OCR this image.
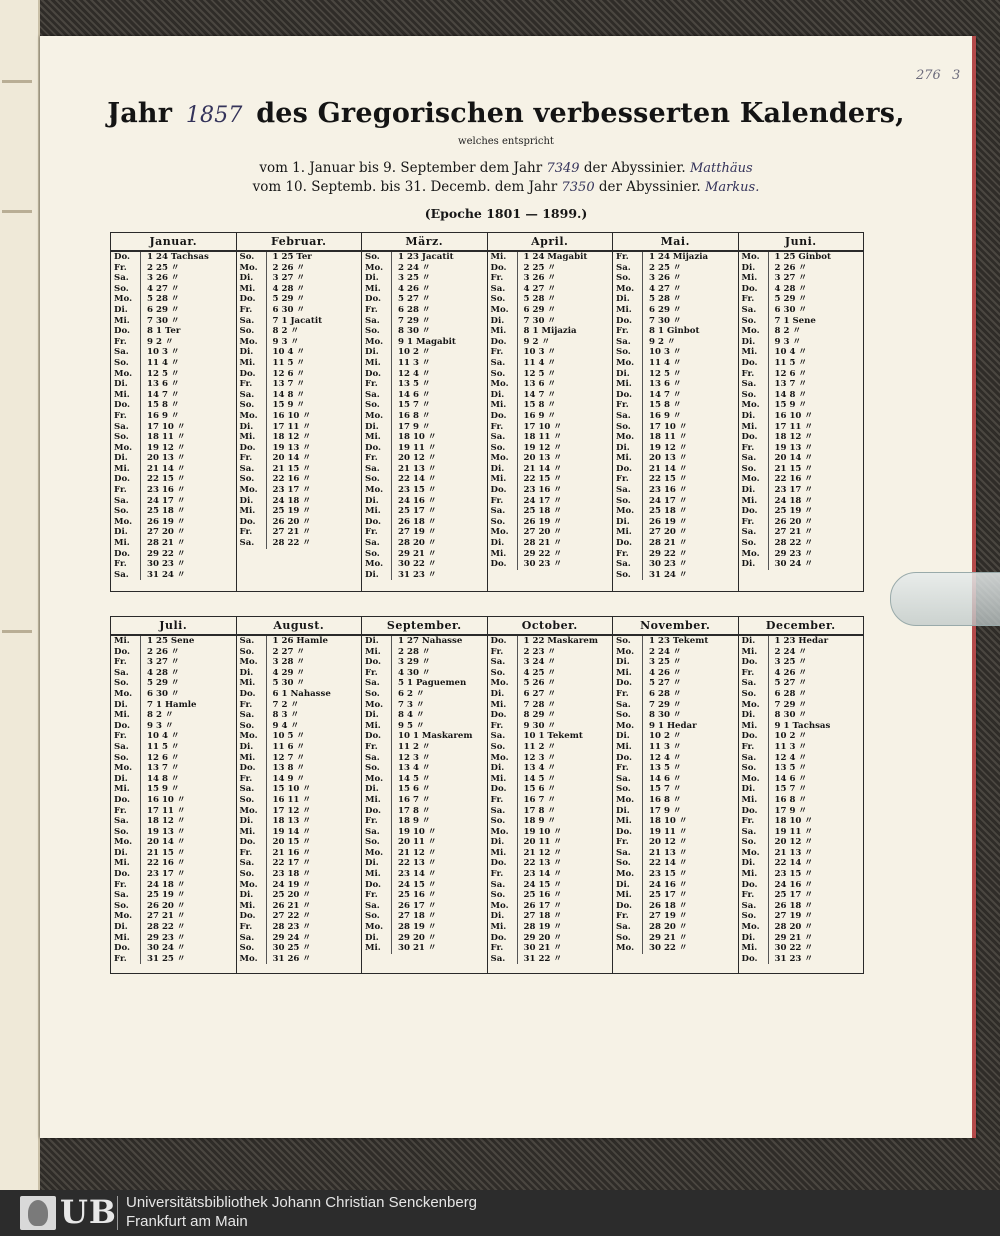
276 3
Jahr 1857 des Gregorischen verbesserten Kalenders,
welches entspricht
vom 1. Januar bis 9. September dem Jahr 7349 der Abyssinier. Matthäus
vom 10. Septemb. bis 31. Decemb. dem Jahr 7350 der Abyssinier. Markus.
(Epoche 1801 — 1899.)
Januar.
Do.	1 24 Tachsas
Fr.	2 25 〃
Sa.	3 26 〃
So.	4 27 〃
Mo.	5 28 〃
Di.	6 29 〃
Mi.	7 30 〃
Do.	8 1 Ter
Fr.	9 2 〃
Sa.	10 3 〃
So.	11 4 〃
Mo.	12 5 〃
Di.	13 6 〃
Mi.	14 7 〃
Do.	15 8 〃
Fr.	16 9 〃
Sa.	17 10 〃
So.	18 11 〃
Mo.	19 12 〃
Di.	20 13 〃
Mi.	21 14 〃
Do.	22 15 〃
Fr.	23 16 〃
Sa.	24 17 〃
So.	25 18 〃
Mo.	26 19 〃
Di.	27 20 〃
Mi.	28 21 〃
Do.	29 22 〃
Fr.	30 23 〃
Sa.	31 24 〃
Februar.
So.	1 25 Ter
Mo.	2 26 〃
Di.	3 27 〃
Mi.	4 28 〃
Do.	5 29 〃
Fr.	6 30 〃
Sa.	7 1 Jacatit
So.	8 2 〃
Mo.	9 3 〃
Di.	10 4 〃
Mi.	11 5 〃
Do.	12 6 〃
Fr.	13 7 〃
Sa.	14 8 〃
So.	15 9 〃
Mo.	16 10 〃
Di.	17 11 〃
Mi.	18 12 〃
Do.	19 13 〃
Fr.	20 14 〃
Sa.	21 15 〃
So.	22 16 〃
Mo.	23 17 〃
Di.	24 18 〃
Mi.	25 19 〃
Do.	26 20 〃
Fr.	27 21 〃
Sa.	28 22 〃
März.
So.	1 23 Jacatit
Mo.	2 24 〃
Di.	3 25 〃
Mi.	4 26 〃
Do.	5 27 〃
Fr.	6 28 〃
Sa.	7 29 〃
So.	8 30 〃
Mo.	9 1 Magabit
Di.	10 2 〃
Mi.	11 3 〃
Do.	12 4 〃
Fr.	13 5 〃
Sa.	14 6 〃
So.	15 7 〃
Mo.	16 8 〃
Di.	17 9 〃
Mi.	18 10 〃
Do.	19 11 〃
Fr.	20 12 〃
Sa.	21 13 〃
So.	22 14 〃
Mo.	23 15 〃
Di.	24 16 〃
Mi.	25 17 〃
Do.	26 18 〃
Fr.	27 19 〃
Sa.	28 20 〃
So.	29 21 〃
Mo.	30 22 〃
Di.	31 23 〃
April.
Mi.	1 24 Magabit
Do.	2 25 〃
Fr.	3 26 〃
Sa.	4 27 〃
So.	5 28 〃
Mo.	6 29 〃
Di.	7 30 〃
Mi.	8 1 Mijazia
Do.	9 2 〃
Fr.	10 3 〃
Sa.	11 4 〃
So.	12 5 〃
Mo.	13 6 〃
Di.	14 7 〃
Mi.	15 8 〃
Do.	16 9 〃
Fr.	17 10 〃
Sa.	18 11 〃
So.	19 12 〃
Mo.	20 13 〃
Di.	21 14 〃
Mi.	22 15 〃
Do.	23 16 〃
Fr.	24 17 〃
Sa.	25 18 〃
So.	26 19 〃
Mo.	27 20 〃
Di.	28 21 〃
Mi.	29 22 〃
Do.	30 23 〃
Mai.
Fr.	1 24 Mijazia
Sa.	2 25 〃
So.	3 26 〃
Mo.	4 27 〃
Di.	5 28 〃
Mi.	6 29 〃
Do.	7 30 〃
Fr.	8 1 Ginbot
Sa.	9 2 〃
So.	10 3 〃
Mo.	11 4 〃
Di.	12 5 〃
Mi.	13 6 〃
Do.	14 7 〃
Fr.	15 8 〃
Sa.	16 9 〃
So.	17 10 〃
Mo.	18 11 〃
Di.	19 12 〃
Mi.	20 13 〃
Do.	21 14 〃
Fr.	22 15 〃
Sa.	23 16 〃
So.	24 17 〃
Mo.	25 18 〃
Di.	26 19 〃
Mi.	27 20 〃
Do.	28 21 〃
Fr.	29 22 〃
Sa.	30 23 〃
So.	31 24 〃
Juni.
Mo.	1 25 Ginbot
Di.	2 26 〃
Mi.	3 27 〃
Do.	4 28 〃
Fr.	5 29 〃
Sa.	6 30 〃
So.	7 1 Sene
Mo.	8 2 〃
Di.	9 3 〃
Mi.	10 4 〃
Do.	11 5 〃
Fr.	12 6 〃
Sa.	13 7 〃
So.	14 8 〃
Mo.	15 9 〃
Di.	16 10 〃
Mi.	17 11 〃
Do.	18 12 〃
Fr.	19 13 〃
Sa.	20 14 〃
So.	21 15 〃
Mo.	22 16 〃
Di.	23 17 〃
Mi.	24 18 〃
Do.	25 19 〃
Fr.	26 20 〃
Sa.	27 21 〃
So.	28 22 〃
Mo.	29 23 〃
Di.	30 24 〃
Juli.
Mi.	1 25 Sene
Do.	2 26 〃
Fr.	3 27 〃
Sa.	4 28 〃
So.	5 29 〃
Mo.	6 30 〃
Di.	7 1 Hamle
Mi.	8 2 〃
Do.	9 3 〃
Fr.	10 4 〃
Sa.	11 5 〃
So.	12 6 〃
Mo.	13 7 〃
Di.	14 8 〃
Mi.	15 9 〃
Do.	16 10 〃
Fr.	17 11 〃
Sa.	18 12 〃
So.	19 13 〃
Mo.	20 14 〃
Di.	21 15 〃
Mi.	22 16 〃
Do.	23 17 〃
Fr.	24 18 〃
Sa.	25 19 〃
So.	26 20 〃
Mo.	27 21 〃
Di.	28 22 〃
Mi.	29 23 〃
Do.	30 24 〃
Fr.	31 25 〃
August.
Sa.	1 26 Hamle
So.	2 27 〃
Mo.	3 28 〃
Di.	4 29 〃
Mi.	5 30 〃
Do.	6 1 Nahasse
Fr.	7 2 〃
Sa.	8 3 〃
So.	9 4 〃
Mo.	10 5 〃
Di.	11 6 〃
Mi.	12 7 〃
Do.	13 8 〃
Fr.	14 9 〃
Sa.	15 10 〃
So.	16 11 〃
Mo.	17 12 〃
Di.	18 13 〃
Mi.	19 14 〃
Do.	20 15 〃
Fr.	21 16 〃
Sa.	22 17 〃
So.	23 18 〃
Mo.	24 19 〃
Di.	25 20 〃
Mi.	26 21 〃
Do.	27 22 〃
Fr.	28 23 〃
Sa.	29 24 〃
So.	30 25 〃
Mo.	31 26 〃
September.
Di.	1 27 Nahasse
Mi.	2 28 〃
Do.	3 29 〃
Fr.	4 30 〃
Sa.	5 1 Paguemen
So.	6 2 〃
Mo.	7 3 〃
Di.	8 4 〃
Mi.	9 5 〃
Do.	10 1 Maskarem
Fr.	11 2 〃
Sa.	12 3 〃
So.	13 4 〃
Mo.	14 5 〃
Di.	15 6 〃
Mi.	16 7 〃
Do.	17 8 〃
Fr.	18 9 〃
Sa.	19 10 〃
So.	20 11 〃
Mo.	21 12 〃
Di.	22 13 〃
Mi.	23 14 〃
Do.	24 15 〃
Fr.	25 16 〃
Sa.	26 17 〃
So.	27 18 〃
Mo.	28 19 〃
Di.	29 20 〃
Mi.	30 21 〃
October.
Do.	1 22 Maskarem
Fr.	2 23 〃
Sa.	3 24 〃
So.	4 25 〃
Mo.	5 26 〃
Di.	6 27 〃
Mi.	7 28 〃
Do.	8 29 〃
Fr.	9 30 〃
Sa.	10 1 Tekemt
So.	11 2 〃
Mo.	12 3 〃
Di.	13 4 〃
Mi.	14 5 〃
Do.	15 6 〃
Fr.	16 7 〃
Sa.	17 8 〃
So.	18 9 〃
Mo.	19 10 〃
Di.	20 11 〃
Mi.	21 12 〃
Do.	22 13 〃
Fr.	23 14 〃
Sa.	24 15 〃
So.	25 16 〃
Mo.	26 17 〃
Di.	27 18 〃
Mi.	28 19 〃
Do.	29 20 〃
Fr.	30 21 〃
Sa.	31 22 〃
November.
So.	1 23 Tekemt
Mo.	2 24 〃
Di.	3 25 〃
Mi.	4 26 〃
Do.	5 27 〃
Fr.	6 28 〃
Sa.	7 29 〃
So.	8 30 〃
Mo.	9 1 Hedar
Di.	10 2 〃
Mi.	11 3 〃
Do.	12 4 〃
Fr.	13 5 〃
Sa.	14 6 〃
So.	15 7 〃
Mo.	16 8 〃
Di.	17 9 〃
Mi.	18 10 〃
Do.	19 11 〃
Fr.	20 12 〃
Sa.	21 13 〃
So.	22 14 〃
Mo.	23 15 〃
Di.	24 16 〃
Mi.	25 17 〃
Do.	26 18 〃
Fr.	27 19 〃
Sa.	28 20 〃
So.	29 21 〃
Mo.	30 22 〃
December.
Di.	1 23 Hedar
Mi.	2 24 〃
Do.	3 25 〃
Fr.	4 26 〃
Sa.	5 27 〃
So.	6 28 〃
Mo.	7 29 〃
Di.	8 30 〃
Mi.	9 1 Tachsas
Do.	10 2 〃
Fr.	11 3 〃
Sa.	12 4 〃
So.	13 5 〃
Mo.	14 6 〃
Di.	15 7 〃
Mi.	16 8 〃
Do.	17 9 〃
Fr.	18 10 〃
Sa.	19 11 〃
So.	20 12 〃
Mo.	21 13 〃
Di.	22 14 〃
Mi.	23 15 〃
Do.	24 16 〃
Fr.	25 17 〃
Sa.	26 18 〃
So.	27 19 〃
Mo.	28 20 〃
Di.	29 21 〃
Mi.	30 22 〃
Do.	31 23 〃
UB Universitätsbibliothek Johann Christian Senckenberg
Frankfurt am Main
